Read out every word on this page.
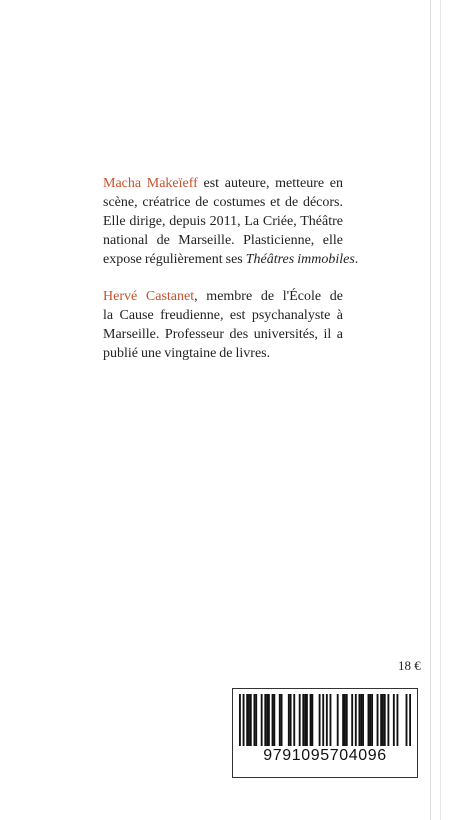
Macha Makeïeff est auteure, metteure en
scène, créatrice de costumes et de décors.
Elle dirige, depuis 2011, La Criée, Théâtre
national de Marseille. Plasticienne, elle
expose régulièrement ses Théâtres immobiles.
Hervé Castanet, membre de l'École de
la Cause freudienne, est psychanalyste à
Marseille. Professeur des universités, il a
publié une vingtaine de livres.
18 €
9791095704096
